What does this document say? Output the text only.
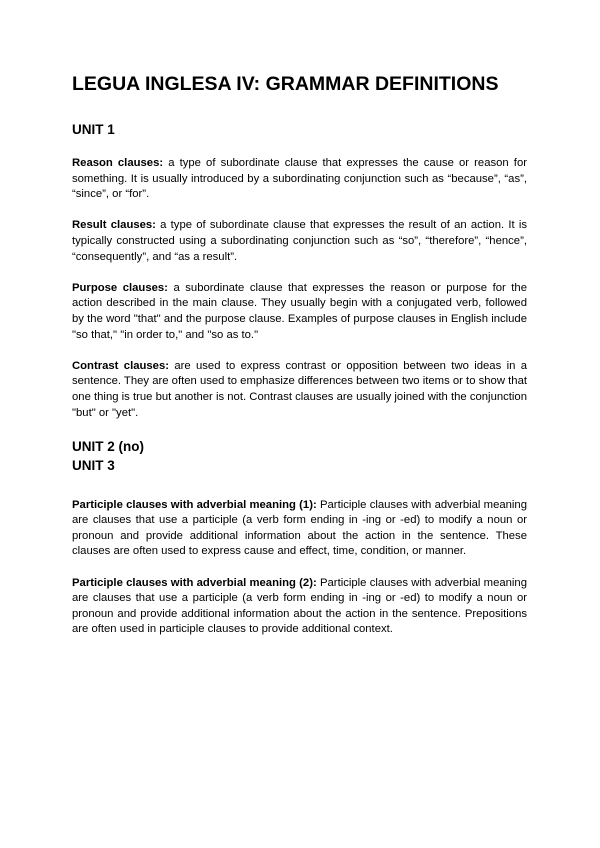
LEGUA INGLESA IV: GRAMMAR DEFINITIONS
UNIT 1

Reason clauses: a type of subordinate clause that expresses the cause or reason for something. It is usually introduced by a subordinating conjunction such as “because”, “as”, “since”, or “for”.

Result clauses: a type of subordinate clause that expresses the result of an action. It is typically constructed using a subordinating conjunction such as “so”, “therefore”, “hence”, “consequently”, and “as a result”.

Purpose clauses: a subordinate clause that expresses the reason or purpose for the action described in the main clause. They usually begin with a conjugated verb, followed by the word "that" and the purpose clause. Examples of purpose clauses in English include "so that," "in order to," and "so as to."

Contrast clauses: are used to express contrast or opposition between two ideas in a sentence. They are often used to emphasize differences between two items or to show that one thing is true but another is not. Contrast clauses are usually joined with the conjunction "but" or "yet".

UNIT 2 (no)
UNIT 3

Participle clauses with adverbial meaning (1): Participle clauses with adverbial meaning are clauses that use a participle (a verb form ending in -ing or -ed) to modify a noun or pronoun and provide additional information about the action in the sentence. These clauses are often used to express cause and effect, time, condition, or manner.

Participle clauses with adverbial meaning (2): Participle clauses with adverbial meaning are clauses that use a participle (a verb form ending in -ing or -ed) to modify a noun or pronoun and provide additional information about the action in the sentence. Prepositions are often used in participle clauses to provide additional context.
